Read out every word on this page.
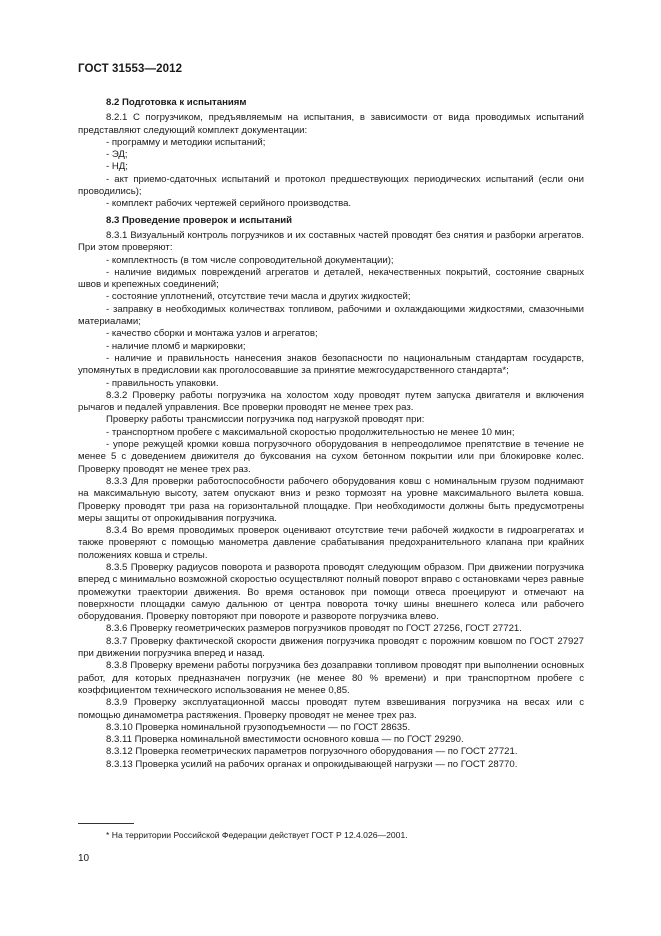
ГОСТ 31553—2012

8.2 Подготовка к испытаниям

8.2.1 С погрузчиком, предъявляемым на испытания, в зависимости от вида проводимых испытаний представляют следующий комплект документации:

- программу и методики испытаний;

- ЭД;

- НД;

- акт приемо-сдаточных испытаний и протокол предшествующих периодических испытаний (если они проводились);

- комплект рабочих чертежей серийного производства.

8.3 Проведение проверок и испытаний

8.3.1 Визуальный контроль погрузчиков и их составных частей проводят без снятия и разборки агрегатов. При этом проверяют:

- комплектность (в том числе сопроводительной документации);

- наличие видимых повреждений агрегатов и деталей, некачественных покрытий, состояние сварных швов и крепежных соединений;

- состояние уплотнений, отсутствие течи масла и других жидкостей;

- заправку в необходимых количествах топливом, рабочими и охлаждающими жидкостями, смазочными материалами;

- качество сборки и монтажа узлов и агрегатов;

- наличие пломб и маркировки;

- наличие и правильность нанесения знаков безопасности по национальным стандартам государств, упомянутых в предисловии как проголосовавшие за принятие межгосударственного стандарта*;

- правильность упаковки.

8.3.2 Проверку работы погрузчика на холостом ходу проводят путем запуска двигателя и включения рычагов и педалей управления. Все проверки проводят не менее трех раз.

Проверку работы трансмиссии погрузчика под нагрузкой проводят при:

- транспортном пробеге с максимальной скоростью продолжительностью не менее 10 мин;

- упоре режущей кромки ковша погрузочного оборудования в непреодолимое препятствие в течение не менее 5 с доведением движителя до буксования на сухом бетонном покрытии или при блокировке колес. Проверку проводят не менее трех раз.

8.3.3 Для проверки работоспособности рабочего оборудования ковш с номинальным грузом поднимают на максимальную высоту, затем опускают вниз и резко тормозят на уровне максимального вылета ковша. Проверку проводят три раза на горизонтальной площадке. При необходимости должны быть предусмотрены меры защиты от опрокидывания погрузчика.

8.3.4 Во время проводимых проверок оценивают отсутствие течи рабочей жидкости в гидроагрегатах и также проверяют с помощью манометра давление срабатывания предохранительного клапана при крайних положениях ковша и стрелы.

8.3.5 Проверку радиусов поворота и разворота проводят следующим образом. При движении погрузчика вперед с минимально возможной скоростью осуществляют полный поворот вправо с остановками через равные промежутки траектории движения. Во время остановок при помощи отвеса проецируют и отмечают на поверхности площадки самую дальнюю от центра поворота точку шины внешнего колеса или рабочего оборудования. Проверку повторяют при повороте и развороте погрузчика влево.

8.3.6 Проверку геометрических размеров погрузчиков проводят по ГОСТ 27256, ГОСТ 27721.

8.3.7 Проверку фактической скорости движения погрузчика проводят с порожним ковшом по ГОСТ 27927 при движении погрузчика вперед и назад.

8.3.8 Проверку времени работы погрузчика без дозаправки топливом проводят при выполнении основных работ, для которых предназначен погрузчик (не менее 80 % времени) и при транспортном пробеге с коэффициентом технического использования не менее 0,85.

8.3.9 Проверку эксплуатационной массы проводят путем взвешивания погрузчика на весах или с помощью динамометра растяжения. Проверку проводят не менее трех раз.

8.3.10 Проверка номинальной грузоподъемности — по ГОСТ 28635.

8.3.11 Проверка номинальной вместимости основного ковша — по ГОСТ 29290.

8.3.12 Проверка геометрических параметров погрузочного оборудования — по ГОСТ 27721.

8.3.13 Проверка усилий на рабочих органах и опрокидывающей нагрузки — по ГОСТ 28770.

* На территории Российской Федерации действует ГОСТ Р 12.4.026—2001.
10
